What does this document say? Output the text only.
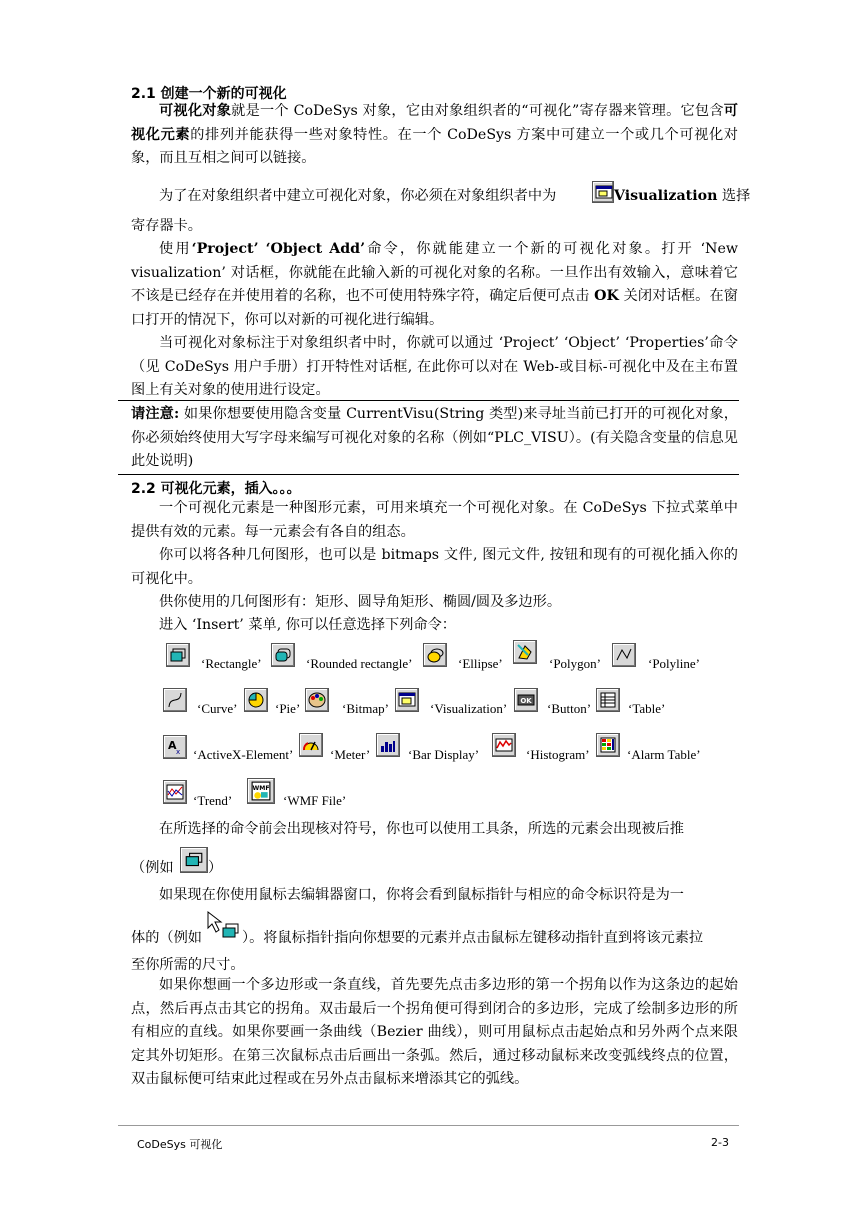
2.1 创建一个新的可视化
可视化对象就是一个 CoDeSys 对象，它由对象组织者的“可视化”寄存器来管理。它包含可视化元素的排列并能获得一些对象特性。在一个 CoDeSys 方案中可建立一个或几个可视化对象，而且互相之间可以链接。
为了在对象组织者中建立可视化对象，你必须在对象组织者中为	Visualization 选择
寄存器卡。
使用‘Project’ ‘Object Add’命令，你就能建立一个新的可视化对象。打开 ‘New visualization’ 对话框，你就能在此输入新的可视化对象的名称。一旦作出有效输入，意味着它不该是已经存在并使用着的名称，也不可使用特殊字符，确定后便可点击 OK 关闭对话框。在窗口打开的情况下，你可以对新的可视化进行编辑。
当可视化对象标注于对象组织者中时，你就可以通过 ‘Project’ ‘Object’ ‘Properties’命令（见 CoDeSys 用户手册）打开特性对话框, 在此你可以对在 Web-或目标-可视化中及在主布置图上有关对象的使用进行设定。
请注意: 如果你想要使用隐含变量 CurrentVisu(String 类型)来寻址当前已打开的可视化对象，你必须始终使用大写字母来编写可视化对象的名称（例如“PLC_VISU）。(有关隐含变量的信息见此处说明)
2.2 可视化元素，插入。。。
一个可视化元素是一种图形元素，可用来填充一个可视化对象。在 CoDeSys 下拉式菜单中提供有效的元素。每一元素会有各自的组态。
你可以将各种几何图形，也可以是 bitmaps 文件, 图元文件, 按钮和现有的可视化插入你的可视化中。
供你使用的几何图形有：矩形、圆导角矩形、椭圆/圆及多边形。
进入 ‘Insert’ 菜单, 你可以任意选择下列命令：
‘Rectangle’	‘Rounded rectangle’	‘Ellipse’	‘Polygon’	‘Polyline’
‘Curve’	‘Pie’	‘Bitmap’	‘Visualization’ OK ‘Button’	‘Table’
A x ‘ActiveX-Element’	‘Meter’	‘Bar Display’	‘Histogram’	‘Alarm Table’
‘Trend’
WMF
‘WMF File’
在所选择的命令前会出现核对符号，你也可以使用工具条，所选的元素会出现被后推
（例如 ）
如果现在你使用鼠标去编辑器窗口，你将会看到鼠标指针与相应的命令标识符是为一
体的（例如	）。将鼠标指针指向你想要的元素并点击鼠标左键移动指针直到将该元素拉
至你所需的尺寸。
如果你想画一个多边形或一条直线，首先要先点击多边形的第一个拐角以作为这条边的起始点，然后再点击其它的拐角。双击最后一个拐角便可得到闭合的多边形，完成了绘制多边形的所有相应的直线。如果你要画一条曲线（Bezier 曲线），则可用鼠标点击起始点和另外两个点来限定其外切矩形。在第三次鼠标点击后画出一条弧。然后，通过移动鼠标来改变弧线终点的位置，双击鼠标便可结束此过程或在另外点击鼠标来增添其它的弧线。
CoDeSys 可视化	2-3
